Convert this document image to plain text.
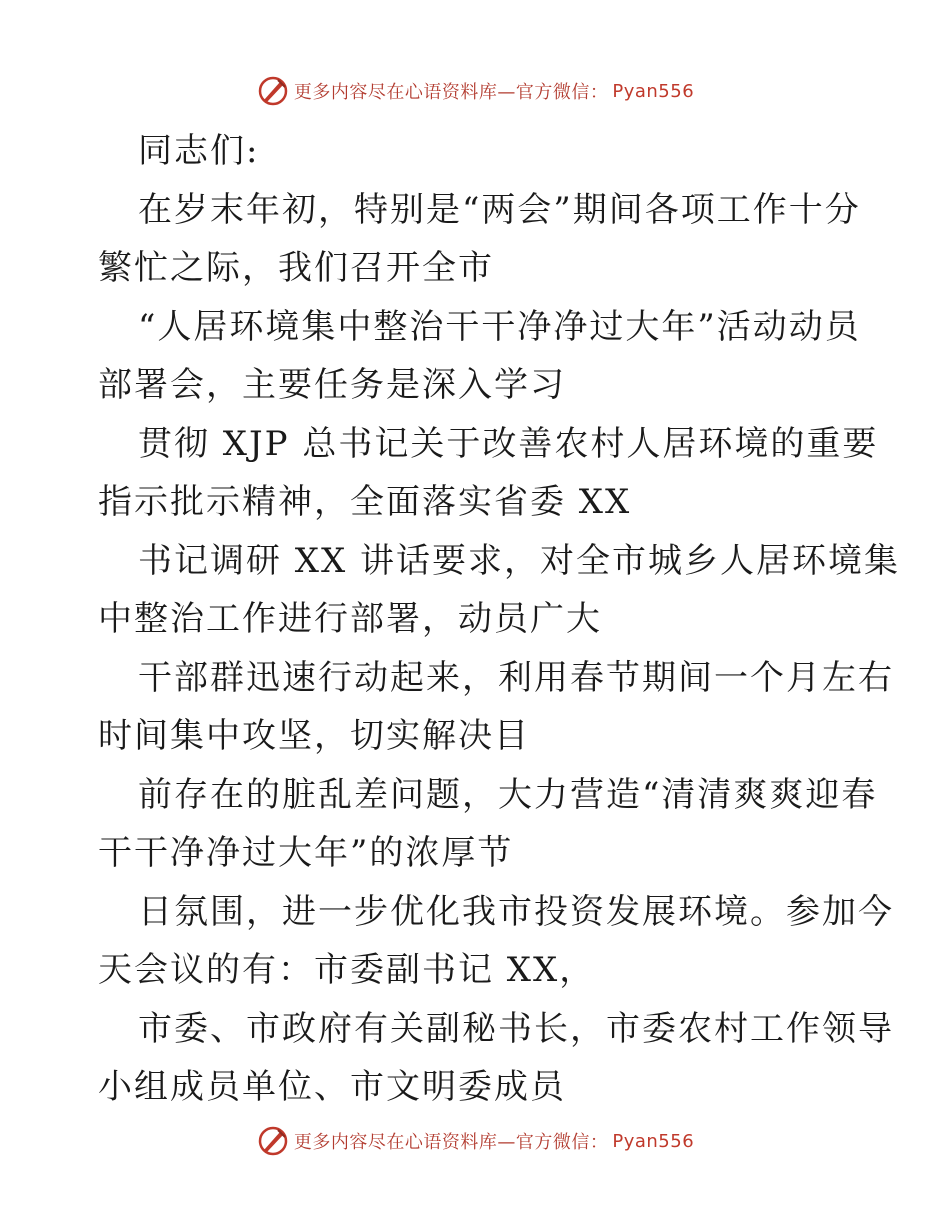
更多内容尽在心语资料库—官方微信： Pyan556

同志们:

在岁末年初，特别是“两会”期间各项工作十分

繁忙之际，我们召开全市

“人居环境集中整治干干净净过大年”活动动员

部署会，主要任务是深入学习

贯彻 XJP 总书记关于改善农村人居环境的重要

指示批示精神，全面落实省委 XX

书记调研 XX 讲话要求，对全市城乡人居环境集

中整治工作进行部署，动员广大

干部群迅速行动起来，利用春节期间一个月左右

时间集中攻坚，切实解决目

前存在的脏乱差问题，大力营造“清清爽爽迎春

干干净净过大年”的浓厚节

日氛围，进一步优化我市投资发展环境。参加今

天会议的有：市委副书记 XX，

市委、市政府有关副秘书长，市委农村工作领导

小组成员单位、市文明委成员

更多内容尽在心语资料库—官方微信： Pyan556
